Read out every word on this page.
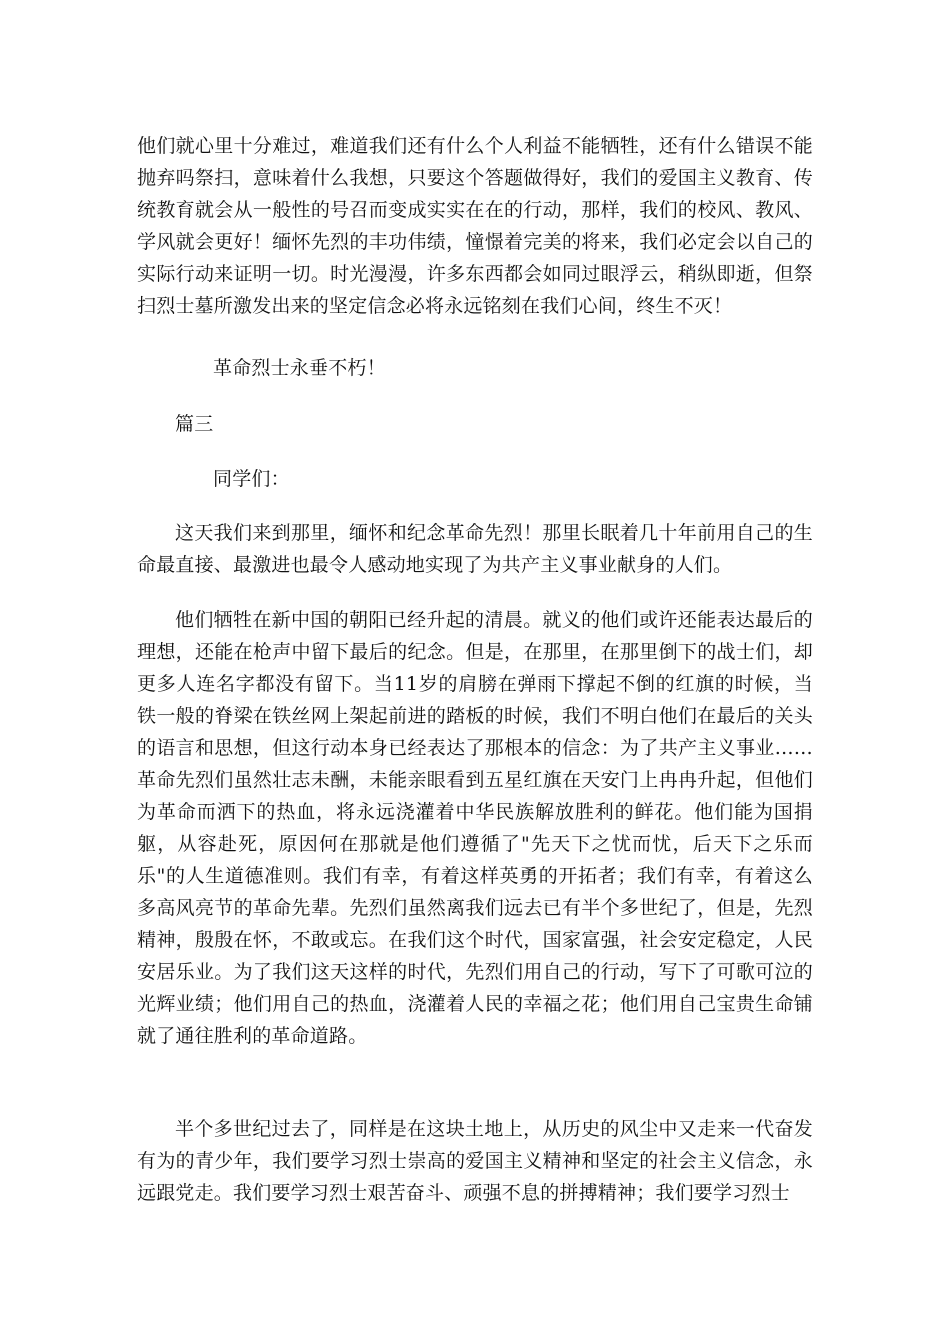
他们就心里十分难过，难道我们还有什么个人利益不能牺牲，还有什么错误不能抛弃吗祭扫，意味着什么我想，只要这个答题做得好，我们的爱国主义教育、传统教育就会从一般性的号召而变成实实在在的行动，那样，我们的校风、教风、学风就会更好！缅怀先烈的丰功伟绩，憧憬着完美的将来，我们必定会以自己的实际行动来证明一切。时光漫漫，许多东西都会如同过眼浮云，稍纵即逝，但祭扫烈士墓所激发出来的坚定信念必将永远铭刻在我们心间，终生不灭！

革命烈士永垂不朽！

篇三

同学们：

这天我们来到那里，缅怀和纪念革命先烈！那里长眠着几十年前用自己的生命最直接、最激进也最令人感动地实现了为共产主义事业献身的人们。

他们牺牲在新中国的朝阳已经升起的清晨。就义的他们或许还能表达最后的理想，还能在枪声中留下最后的纪念。但是，在那里，在那里倒下的战士们，却更多人连名字都没有留下。当11岁的肩膀在弹雨下撑起不倒的红旗的时候，当铁一般的脊梁在铁丝网上架起前进的踏板的时候，我们不明白他们在最后的关头的语言和思想，但这行动本身已经表达了那根本的信念：为了共产主义事业……革命先烈们虽然壮志未酬，未能亲眼看到五星红旗在天安门上冉冉升起，但他们为革命而洒下的热血，将永远浇灌着中华民族解放胜利的鲜花。他们能为国捐躯，从容赴死，原因何在那就是他们遵循了"先天下之忧而忧，后天下之乐而乐"的人生道德准则。我们有幸，有着这样英勇的开拓者；我们有幸，有着这么多高风亮节的革命先辈。先烈们虽然离我们远去已有半个多世纪了，但是，先烈精神，殷殷在怀，不敢或忘。在我们这个时代，国家富强，社会安定稳定，人民安居乐业。为了我们这天这样的时代，先烈们用自己的行动，写下了可歌可泣的光辉业绩；他们用自己的热血，浇灌着人民的幸福之花；他们用自己宝贵生命铺就了通往胜利的革命道路。

半个多世纪过去了，同样是在这块土地上，从历史的风尘中又走来一代奋发有为的青少年，我们要学习烈士崇高的爱国主义精神和坚定的社会主义信念，永远跟党走。我们要学习烈士艰苦奋斗、顽强不息的拼搏精神；我们要学习烈士
